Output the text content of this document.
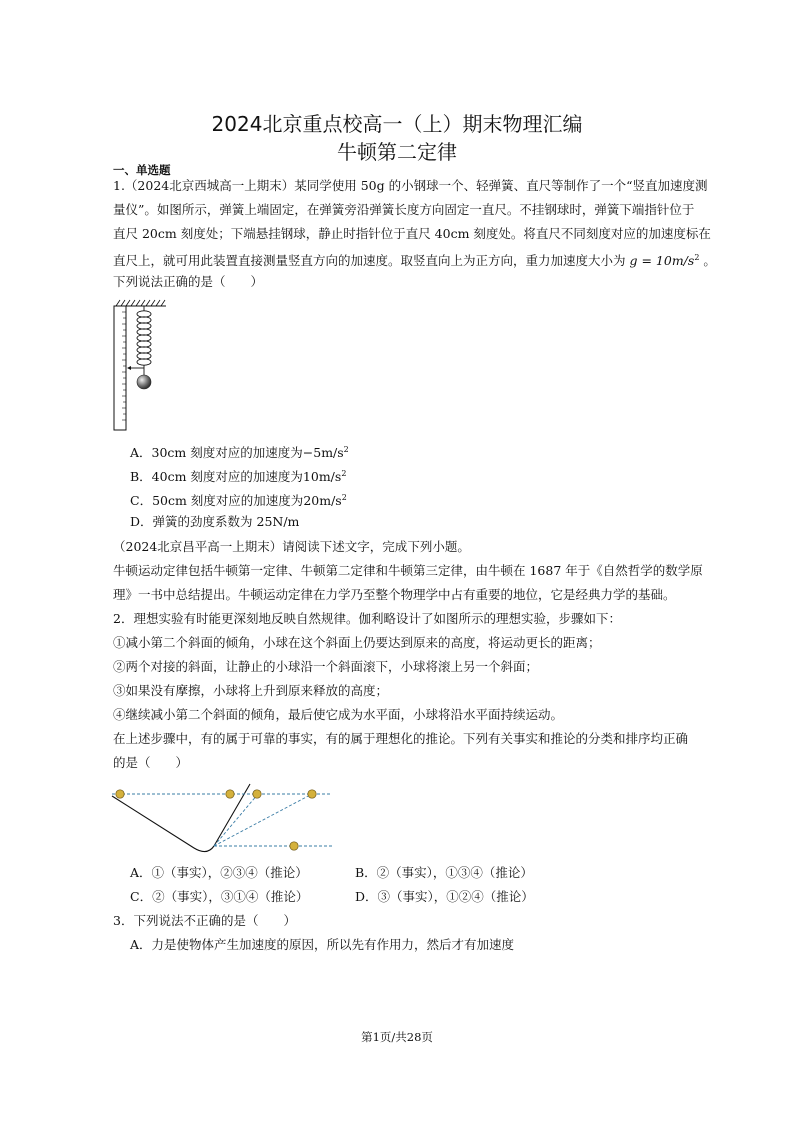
2024北京重点校高一（上）期末物理汇编
牛顿第二定律
一、单选题
1.（2024北京西城高一上期末）某同学使用 50g 的小钢球一个、轻弹簧、直尺等制作了一个“竖直加速度测
量仪”。如图所示，弹簧上端固定，在弹簧旁沿弹簧长度方向固定一直尺。不挂钢球时，弹簧下端指针位于
直尺 20cm 刻度处；下端悬挂钢球，静止时指针位于直尺 40cm 刻度处。将直尺不同刻度对应的加速度标在
直尺上，就可用此装置直接测量竖直方向的加速度。取竖直向上为正方向，重力加速度大小为 $g = 10m/s^2$ 。
下列说法正确的是（　　）
A．30cm 刻度对应的加速度为$-5m/s^2$
B．40cm 刻度对应的加速度为$10m/s^2$
C．50cm 刻度对应的加速度为$20m/s^2$
D．弹簧的劲度系数为 25N/m
（2024北京昌平高一上期末）请阅读下述文字，完成下列小题。
牛顿运动定律包括牛顿第一定律、牛顿第二定律和牛顿第三定律，由牛顿在 1687 年于《自然哲学的数学原
理》一书中总结提出。牛顿运动定律在力学乃至整个物理学中占有重要的地位，它是经典力学的基础。
2．理想实验有时能更深刻地反映自然规律。伽利略设计了如图所示的理想实验，步骤如下：
①减小第二个斜面的倾角，小球在这个斜面上仍要达到原来的高度，将运动更长的距离；
②两个对接的斜面，让静止的小球沿一个斜面滚下，小球将滚上另一个斜面；
③如果没有摩擦，小球将上升到原来释放的高度；
④继续减小第二个斜面的倾角，最后使它成为水平面，小球将沿水平面持续运动。
在上述步骤中，有的属于可靠的事实，有的属于理想化的推论。下列有关事实和推论的分类和排序均正确
的是（　　）
A．①（事实），②③④（推论）	B．②（事实），①③④（推论）
C．②（事实），③①④（推论）	D．③（事实），①②④（推论）
3．下列说法不正确的是（　　）
A．力是使物体产生加速度的原因，所以先有作用力，然后才有加速度
第1页/共28页
